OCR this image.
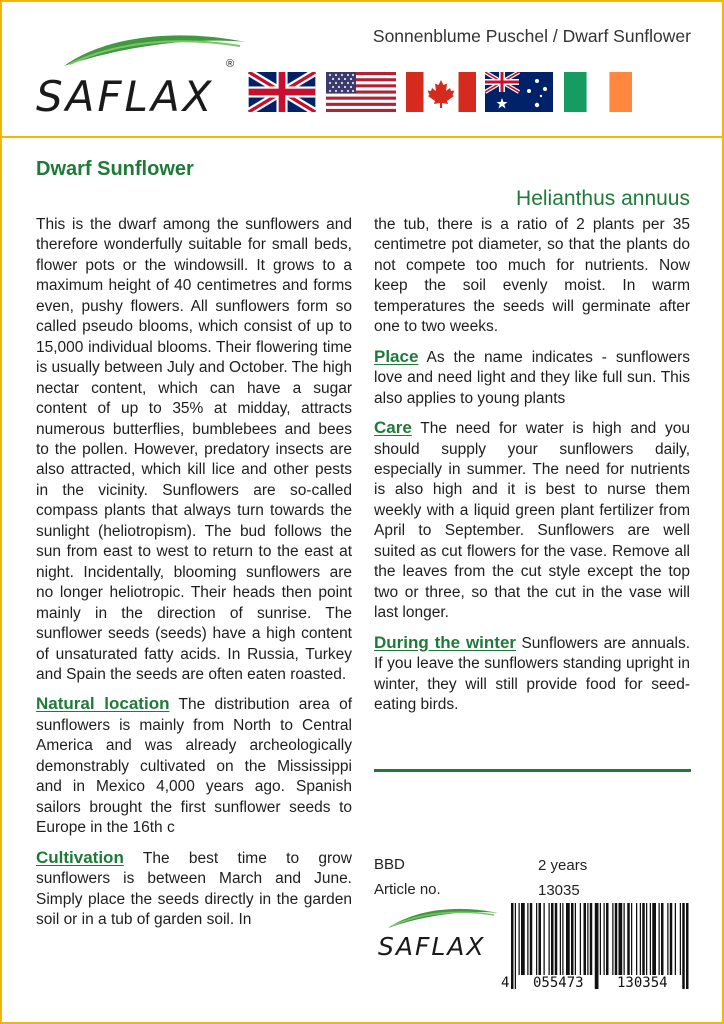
Sonnenblume Puschel / Dwarf Sunflower
SAFLAX
®
Dwarf Sunflower
Helianthus annuus

This is the dwarf among the sunflowers and therefore wonderfully suitable for small beds, flower pots or the windowsill. It grows to a maximum height of 40 centimetres and forms even, pushy flowers. All sunflowers form so called pseudo blooms, which consist of up to 15,000 individual blooms. Their flowering time is usually between July and October. The high nectar content, which can have a sugar content of up to 35% at midday, attracts numerous butterflies, bumblebees and bees to the pollen. However, predatory insects are also attracted, which kill lice and other pests in the vicinity. Sunflowers are so-called compass plants that always turn towards the sunlight (heliotropism). The bud follows the sun from east to west to return to the east at night. Incidentally, blooming sunflowers are no longer heliotropic. Their heads then point mainly in the direction of sunrise. The sunflower seeds (seeds) have a high content of unsaturated fatty acids. In Russia, Turkey and Spain the seeds are often eaten roasted.

Natural location The distribution area of sunflowers is mainly from North to Central America and was already archeologically demonstrably cultivated on the Mississippi and in Mexico 4,000 years ago. Spanish sailors brought the first sunflower seeds to Europe in the 16th c

Cultivation The best time to grow sunflowers is between March and June. Simply place the seeds directly in the garden soil or in a tub of garden soil. In

the tub, there is a ratio of 2 plants per 35 centimetre pot diameter, so that the plants do not compete too much for nutrients. Now keep the soil evenly moist. In warm temperatures the seeds will germinate after one to two weeks.

Place As the name indicates - sunflowers love and need light and they like full sun. This also applies to young plants

Care The need for water is high and you should supply your sunflowers daily, especially in summer. The need for nutrients is also high and it is best to nurse them weekly with a liquid green plant fertilizer from April to September. Sunflowers are well suited as cut flowers for the vase. Remove all the leaves from the cut style except the top two or three, so that the cut in the vase will last longer.

During the winter Sunflowers are annuals. If you leave the sunflowers standing upright in winter, they will still provide food for seed-eating birds.

BBD	2 years
Article no.	13035
SAFLAX
4 055473 130354
